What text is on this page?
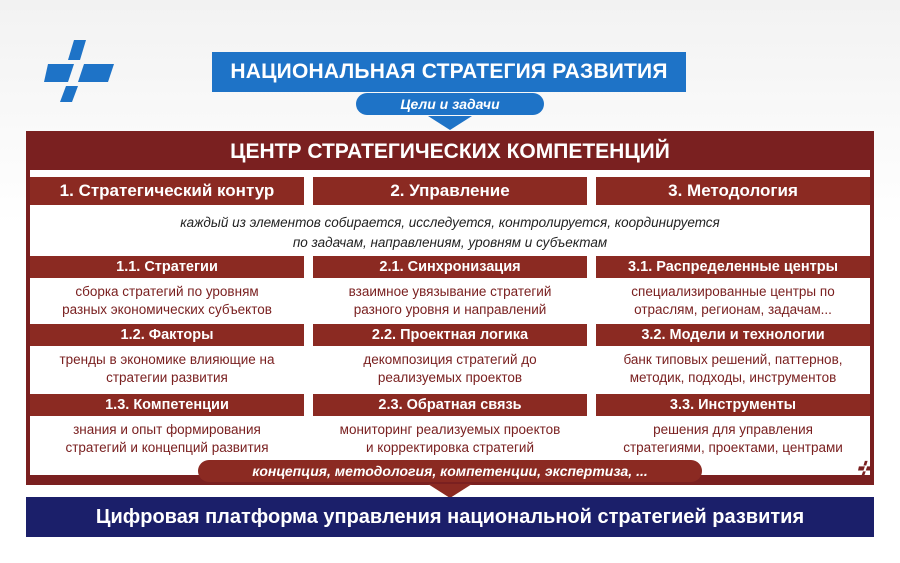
НАЦИОНАЛЬНАЯ СТРАТЕГИЯ РАЗВИТИЯ
Цели и задачи
ЦЕНТР СТРАТЕГИЧЕСКИХ КОМПЕТЕНЦИЙ
1. Стратегический контур	2. Управление	3. Методология
каждый из элементов собирается, исследуется, контролируется, координируется
по задачам, направлениям, уровням и субъектам
1.1. Стратегии
сборка стратегий по уровням
разных экономических субъектов
1.2. Факторы
тренды в экономике влияющие на
стратегии развития
1.3. Компетенции
знания и опыт формирования
стратегий и концепций развития
2.1. Синхронизация
взаимное увязывание стратегий
разного уровня и направлений
2.2. Проектная логика
декомпозиция стратегий до
реализуемых проектов
2.3. Обратная связь
мониторинг реализуемых проектов
и корректировка стратегий
3.1. Распределенные центры
специализированные центры по
отраслям, регионам, задачам...
3.2. Модели и технологии
банк типовых решений, паттернов,
методик, подходы, инструментов
3.3. Инструменты
решения для управления
стратегиями, проектами, центрами
концепция, методология, компетенции, экспертиза, ...
Цифровая платформа управления национальной стратегией развития
